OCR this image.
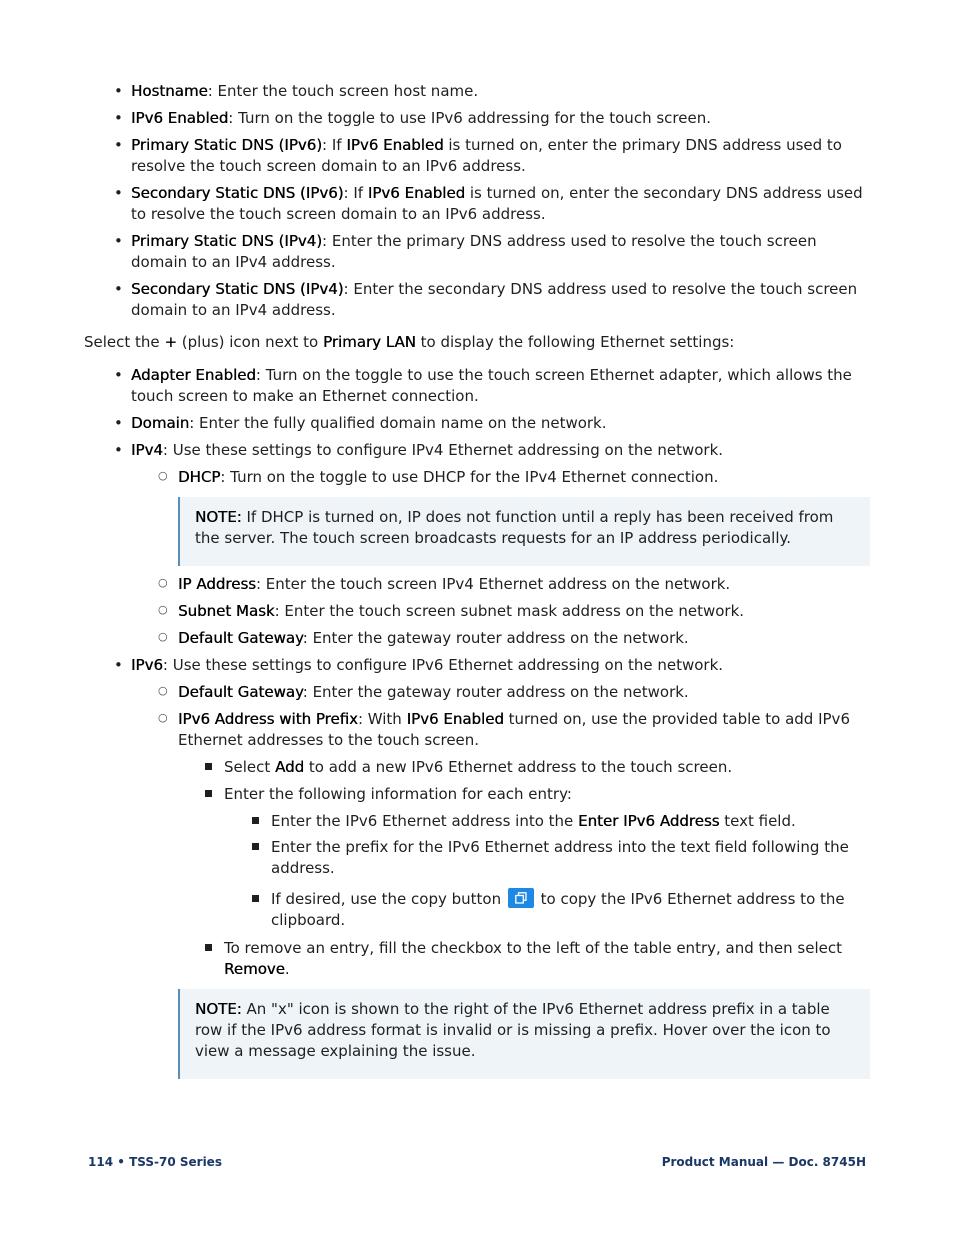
• Hostname: Enter the touch screen host name.
• IPv6 Enabled: Turn on the toggle to use IPv6 addressing for the touch screen.
• Primary Static DNS (IPv6): If IPv6 Enabled is turned on, enter the primary DNS address used to resolve the touch screen domain to an IPv6 address.
• Secondary Static DNS (IPv6): If IPv6 Enabled is turned on, enter the secondary DNS address used to resolve the touch screen domain to an IPv6 address.
• Primary Static DNS (IPv4): Enter the primary DNS address used to resolve the touch screen domain to an IPv4 address.
• Secondary Static DNS (IPv4): Enter the secondary DNS address used to resolve the touch screen domain to an IPv4 address.
Select the + (plus) icon next to Primary LAN to display the following Ethernet settings:
• Adapter Enabled: Turn on the toggle to use the touch screen Ethernet adapter, which allows the touch screen to make an Ethernet connection.
• Domain: Enter the fully qualified domain name on the network.
• IPv4: Use these settings to configure IPv4 Ethernet addressing on the network.
○ DHCP: Turn on the toggle to use DHCP for the IPv4 Ethernet connection.
NOTE: If DHCP is turned on, IP does not function until a reply has been received from the server. The touch screen broadcasts requests for an IP address periodically.
○ IP Address: Enter the touch screen IPv4 Ethernet address on the network.
○ Subnet Mask: Enter the touch screen subnet mask address on the network.
○ Default Gateway: Enter the gateway router address on the network.
• IPv6: Use these settings to configure IPv6 Ethernet addressing on the network.
○ Default Gateway: Enter the gateway router address on the network.
○ IPv6 Address with Prefix: With IPv6 Enabled turned on, use the provided table to add IPv6 Ethernet addresses to the touch screen.
Select Add to add a new IPv6 Ethernet address to the touch screen.
Enter the following information for each entry:
Enter the IPv6 Ethernet address into the Enter IPv6 Address text field.
Enter the prefix for the IPv6 Ethernet address into the text field following the address.
If desired, use the copy button
to copy the IPv6 Ethernet address to the clipboard.
To remove an entry, fill the checkbox to the left of the table entry, and then select Remove.
NOTE: An "x" icon is shown to the right of the IPv6 Ethernet address prefix in a table row if the IPv6 address format is invalid or is missing a prefix. Hover over the icon to view a message explaining the issue.
114 • TSS-70 Series	Product Manual — Doc. 8745H
